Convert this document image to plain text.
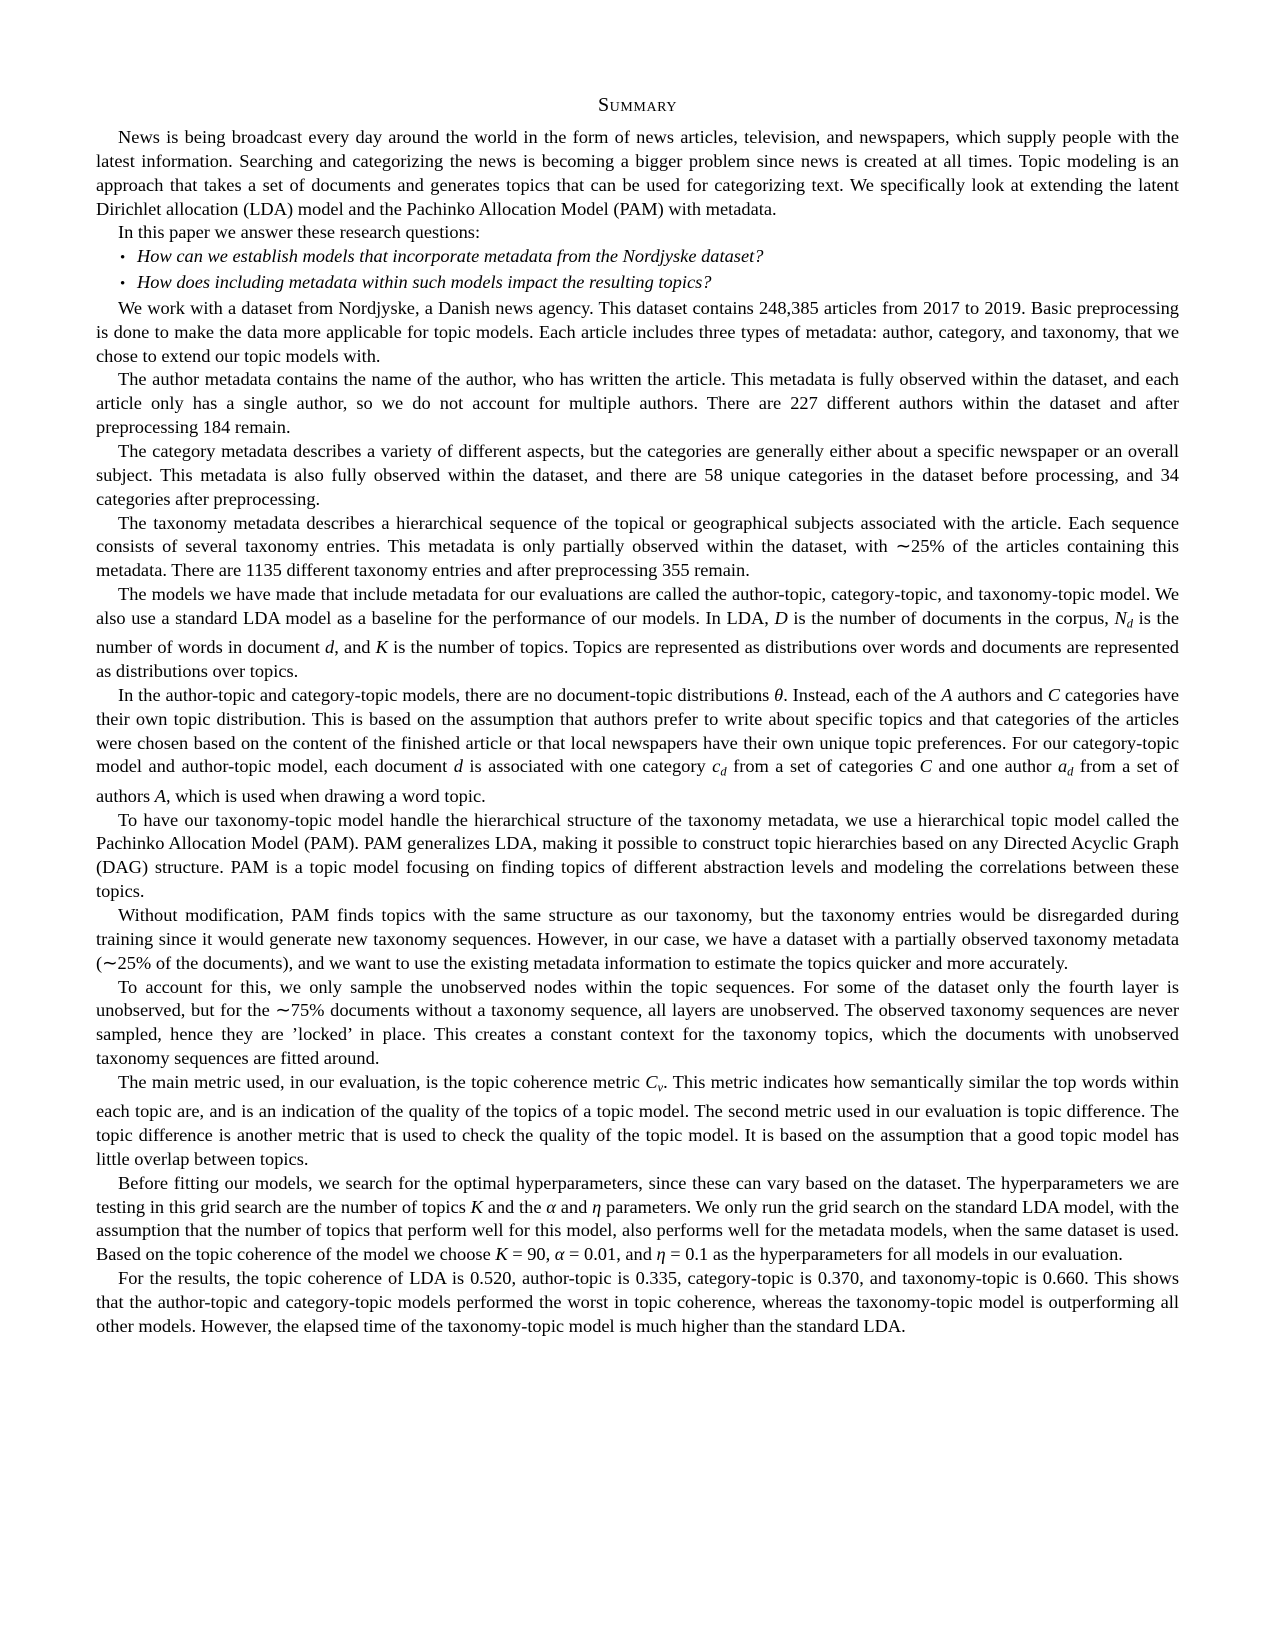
Summary

News is being broadcast every day around the world in the form of news articles, television, and newspapers, which supply people with the latest information. Searching and categorizing the news is becoming a bigger problem since news is created at all times. Topic modeling is an approach that takes a set of documents and generates topics that can be used for categorizing text. We specifically look at extending the latent Dirichlet allocation (LDA) model and the Pachinko Allocation Model (PAM) with metadata.

In this paper we answer these research questions:

• How can we establish models that incorporate metadata from the Nordjyske dataset?

• How does including metadata within such models impact the resulting topics?

We work with a dataset from Nordjyske, a Danish news agency. This dataset contains 248,385 articles from 2017 to 2019. Basic preprocessing is done to make the data more applicable for topic models. Each article includes three types of metadata: author, category, and taxonomy, that we chose to extend our topic models with.

The author metadata contains the name of the author, who has written the article. This metadata is fully observed within the dataset, and each article only has a single author, so we do not account for multiple authors. There are 227 different authors within the dataset and after preprocessing 184 remain.

The category metadata describes a variety of different aspects, but the categories are generally either about a specific newspaper or an overall subject. This metadata is also fully observed within the dataset, and there are 58 unique categories in the dataset before processing, and 34 categories after preprocessing.

The taxonomy metadata describes a hierarchical sequence of the topical or geographical subjects associated with the article. Each sequence consists of several taxonomy entries. This metadata is only partially observed within the dataset, with ∼25% of the articles containing this metadata. There are 1135 different taxonomy entries and after preprocessing 355 remain.

The models we have made that include metadata for our evaluations are called the author-topic, category-topic, and taxonomy-topic model. We also use a standard LDA model as a baseline for the performance of our models. In LDA, D is the number of documents in the corpus, $N_d$ is the number of words in document d, and K is the number of topics. Topics are represented as distributions over words and documents are represented as distributions over topics.

In the author-topic and category-topic models, there are no document-topic distributions θ. Instead, each of the A authors and C categories have their own topic distribution. This is based on the assumption that authors prefer to write about specific topics and that categories of the articles were chosen based on the content of the finished article or that local newspapers have their own unique topic preferences. For our category-topic model and author-topic model, each document d is associated with one category $c_d$ from a set of categories C and one author $a_d$ from a set of authors A, which is used when drawing a word topic.

To have our taxonomy-topic model handle the hierarchical structure of the taxonomy metadata, we use a hierarchical topic model called the Pachinko Allocation Model (PAM). PAM generalizes LDA, making it possible to construct topic hierarchies based on any Directed Acyclic Graph (DAG) structure. PAM is a topic model focusing on finding topics of different abstraction levels and modeling the correlations between these topics.

Without modification, PAM finds topics with the same structure as our taxonomy, but the taxonomy entries would be disregarded during training since it would generate new taxonomy sequences. However, in our case, we have a dataset with a partially observed taxonomy metadata (∼25% of the documents), and we want to use the existing metadata information to estimate the topics quicker and more accurately.

To account for this, we only sample the unobserved nodes within the topic sequences. For some of the dataset only the fourth layer is unobserved, but for the ∼75% documents without a taxonomy sequence, all layers are unobserved. The observed taxonomy sequences are never sampled, hence they are ’locked’ in place. This creates a constant context for the taxonomy topics, which the documents with unobserved taxonomy sequences are fitted around.

The main metric used, in our evaluation, is the topic coherence metric $C_v$. This metric indicates how semantically similar the top words within each topic are, and is an indication of the quality of the topics of a topic model. The second metric used in our evaluation is topic difference. The topic difference is another metric that is used to check the quality of the topic model. It is based on the assumption that a good topic model has little overlap between topics.

Before fitting our models, we search for the optimal hyperparameters, since these can vary based on the dataset. The hyperparameters we are testing in this grid search are the number of topics K and the α and η parameters. We only run the grid search on the standard LDA model, with the assumption that the number of topics that perform well for this model, also performs well for the metadata models, when the same dataset is used. Based on the topic coherence of the model we choose K = 90, α = 0.01, and η = 0.1 as the hyperparameters for all models in our evaluation.

For the results, the topic coherence of LDA is 0.520, author-topic is 0.335, category-topic is 0.370, and taxonomy-topic is 0.660. This shows that the author-topic and category-topic models performed the worst in topic coherence, whereas the taxonomy-topic model is outperforming all other models. However, the elapsed time of the taxonomy-topic model is much higher than the standard LDA.
